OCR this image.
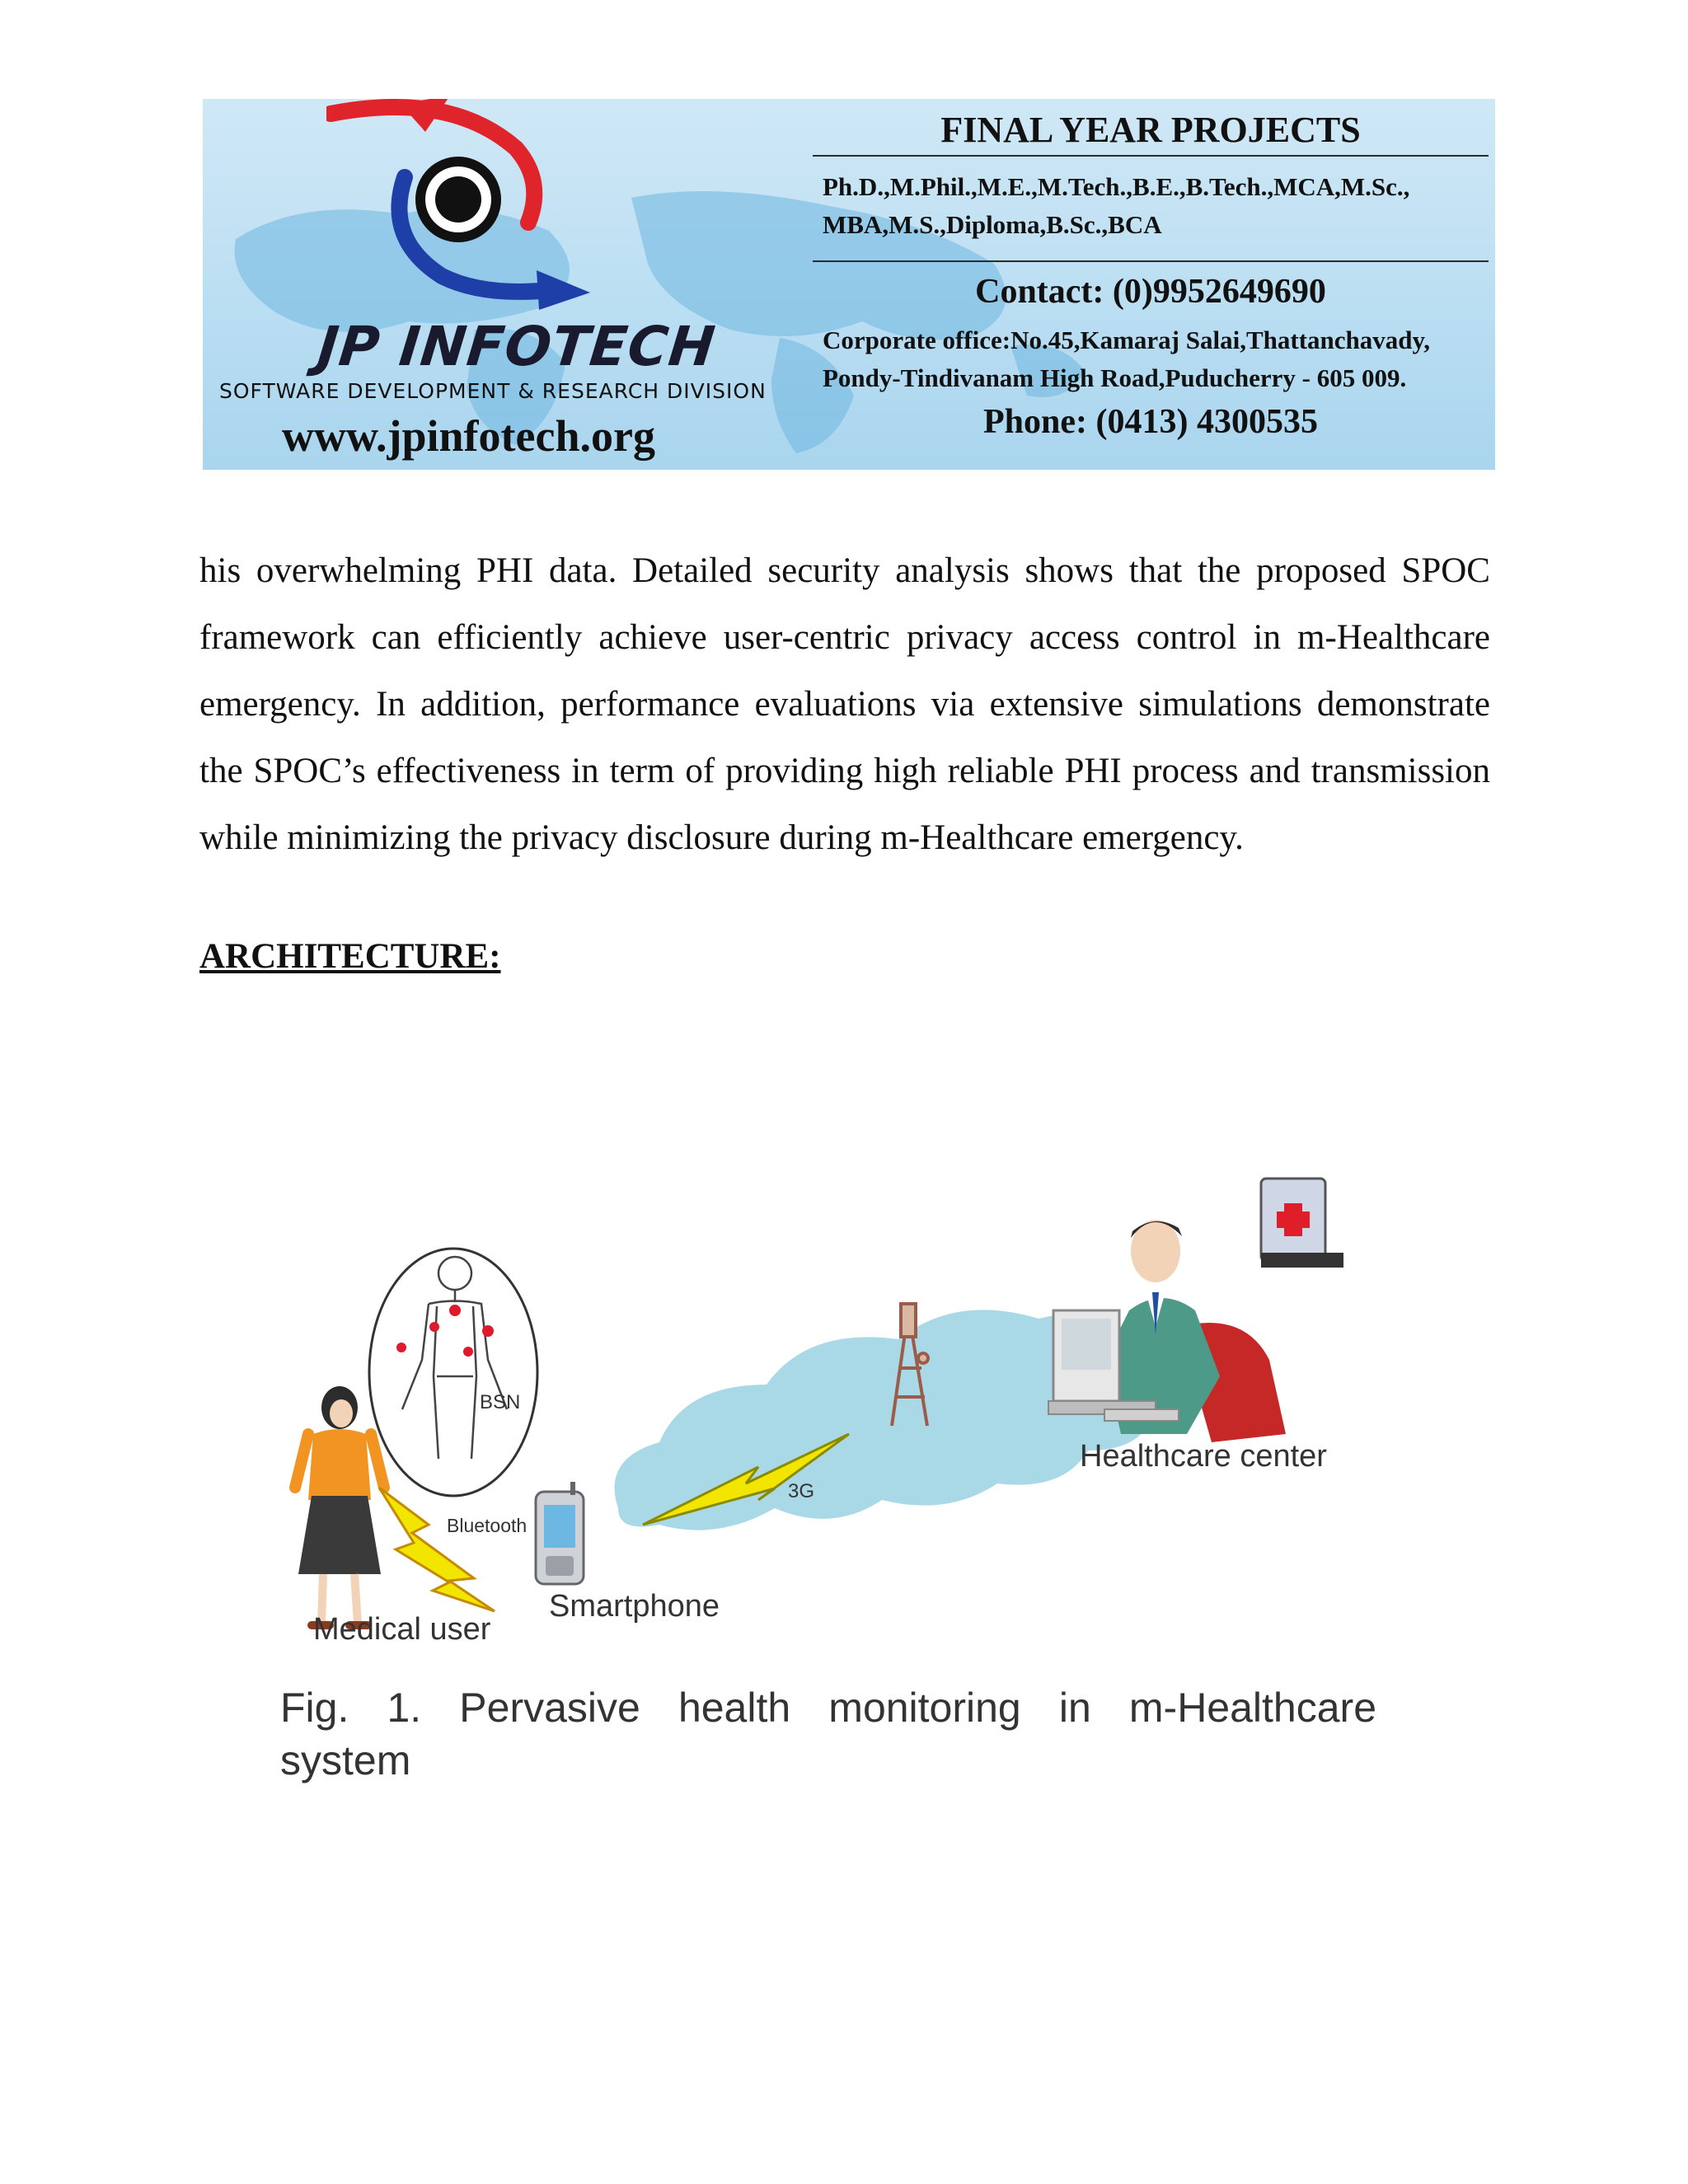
JP INFOTECH
SOFTWARE DEVELOPMENT & RESEARCH DIVISION
www.jpinfotech.org
FINAL YEAR PROJECTS
Ph.D.,M.Phil.,M.E.,M.Tech.,B.E.,B.Tech.,MCA,M.Sc.,
MBA,M.S.,Diploma,B.Sc.,BCA
Contact: (0)9952649690
Corporate office:No.45,Kamaraj Salai,Thattanchavady,
Pondy-Tindivanam High Road,Puducherry - 605 009.
Phone: (0413) 4300535

his overwhelming PHI data. Detailed security analysis shows that the proposed SPOC framework can efficiently achieve user-centric privacy access control in m-Healthcare emergency. In addition, performance evaluations via extensive simulations demonstrate the SPOC’s effectiveness in term of providing high reliable PHI process and transmission while minimizing the privacy disclosure during m-Healthcare emergency.

ARCHITECTURE:

BSN
Bluetooth
Medical user
Smartphone
3G
Healthcare center

Fig. 1. Pervasive health monitoring in m-Healthcare system
